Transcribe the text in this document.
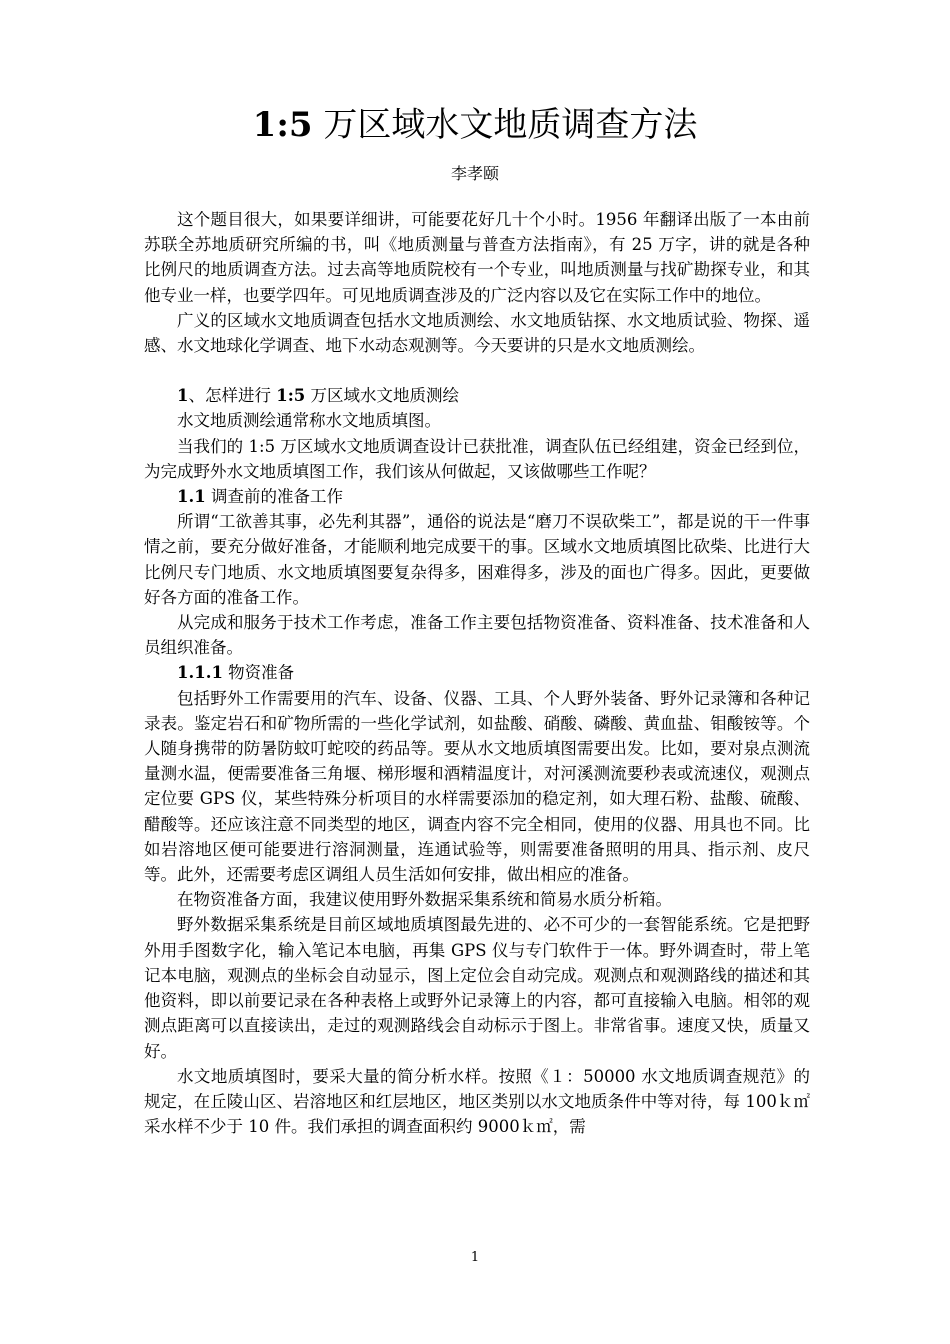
1:5 万区域水文地质调查方法
李孝颐

这个题目很大，如果要详细讲，可能要花好几十个小时。1956 年翻译出版了一本由前苏联全苏地质研究所编的书，叫《地质测量与普查方法指南》，有 25 万字，讲的就是各种比例尺的地质调查方法。过去高等地质院校有一个专业，叫地质测量与找矿勘探专业，和其他专业一样，也要学四年。可见地质调查涉及的广泛内容以及它在实际工作中的地位。

广义的区域水文地质调查包括水文地质测绘、水文地质钻探、水文地质试验、物探、遥感、水文地球化学调查、地下水动态观测等。今天要讲的只是水文地质测绘。

1、怎样进行 1:5 万区域水文地质测绘

水文地质测绘通常称水文地质填图。

当我们的 1:5 万区域水文地质调查设计已获批准，调查队伍已经组建，资金已经到位，为完成野外水文地质填图工作，我们该从何做起，又该做哪些工作呢？

1.1 调查前的准备工作

所谓“工欲善其事，必先利其器”，通俗的说法是“磨刀不误砍柴工”，都是说的干一件事情之前，要充分做好准备，才能顺利地完成要干的事。区域水文地质填图比砍柴、比进行大比例尺专门地质、水文地质填图要复杂得多，困难得多，涉及的面也广得多。因此，更要做好各方面的准备工作。

从完成和服务于技术工作考虑，准备工作主要包括物资准备、资料准备、技术准备和人员组织准备。

1.1.1 物资准备

包括野外工作需要用的汽车、设备、仪器、工具、个人野外装备、野外记录簿和各种记录表。鉴定岩石和矿物所需的一些化学试剂，如盐酸、硝酸、磷酸、黄血盐、钼酸铵等。个人随身携带的防暑防蚊叮蛇咬的药品等。要从水文地质填图需要出发。比如，要对泉点测流量测水温，便需要准备三角堰、梯形堰和酒精温度计，对河溪测流要秒表或流速仪，观测点定位要 GPS 仪，某些特殊分析项目的水样需要添加的稳定剂，如大理石粉、盐酸、硫酸、醋酸等。还应该注意不同类型的地区，调查内容不完全相同，使用的仪器、用具也不同。比如岩溶地区便可能要进行溶洞测量，连通试验等，则需要准备照明的用具、指示剂、皮尺等。此外，还需要考虑区调组人员生活如何安排，做出相应的准备。

在物资准备方面，我建议使用野外数据采集系统和简易水质分析箱。

野外数据采集系统是目前区域地质填图最先进的、必不可少的一套智能系统。它是把野外用手图数字化，输入笔记本电脑，再集 GPS 仪与专门软件于一体。野外调查时，带上笔记本电脑，观测点的坐标会自动显示，图上定位会自动完成。观测点和观测路线的描述和其他资料，即以前要记录在各种表格上或野外记录簿上的内容，都可直接输入电脑。相邻的观测点距离可以直接读出，走过的观测路线会自动标示于图上。非常省事。速度又快，质量又好。

水文地质填图时，要采大量的简分析水样。按照《１：50000 水文地质调查规范》的规定，在丘陵山区、岩溶地区和红层地区，地区类别以水文地质条件中等对待，每 100ｋ㎡采水样不少于 10 件。我们承担的调查面积约 9000ｋ㎡，需

1
